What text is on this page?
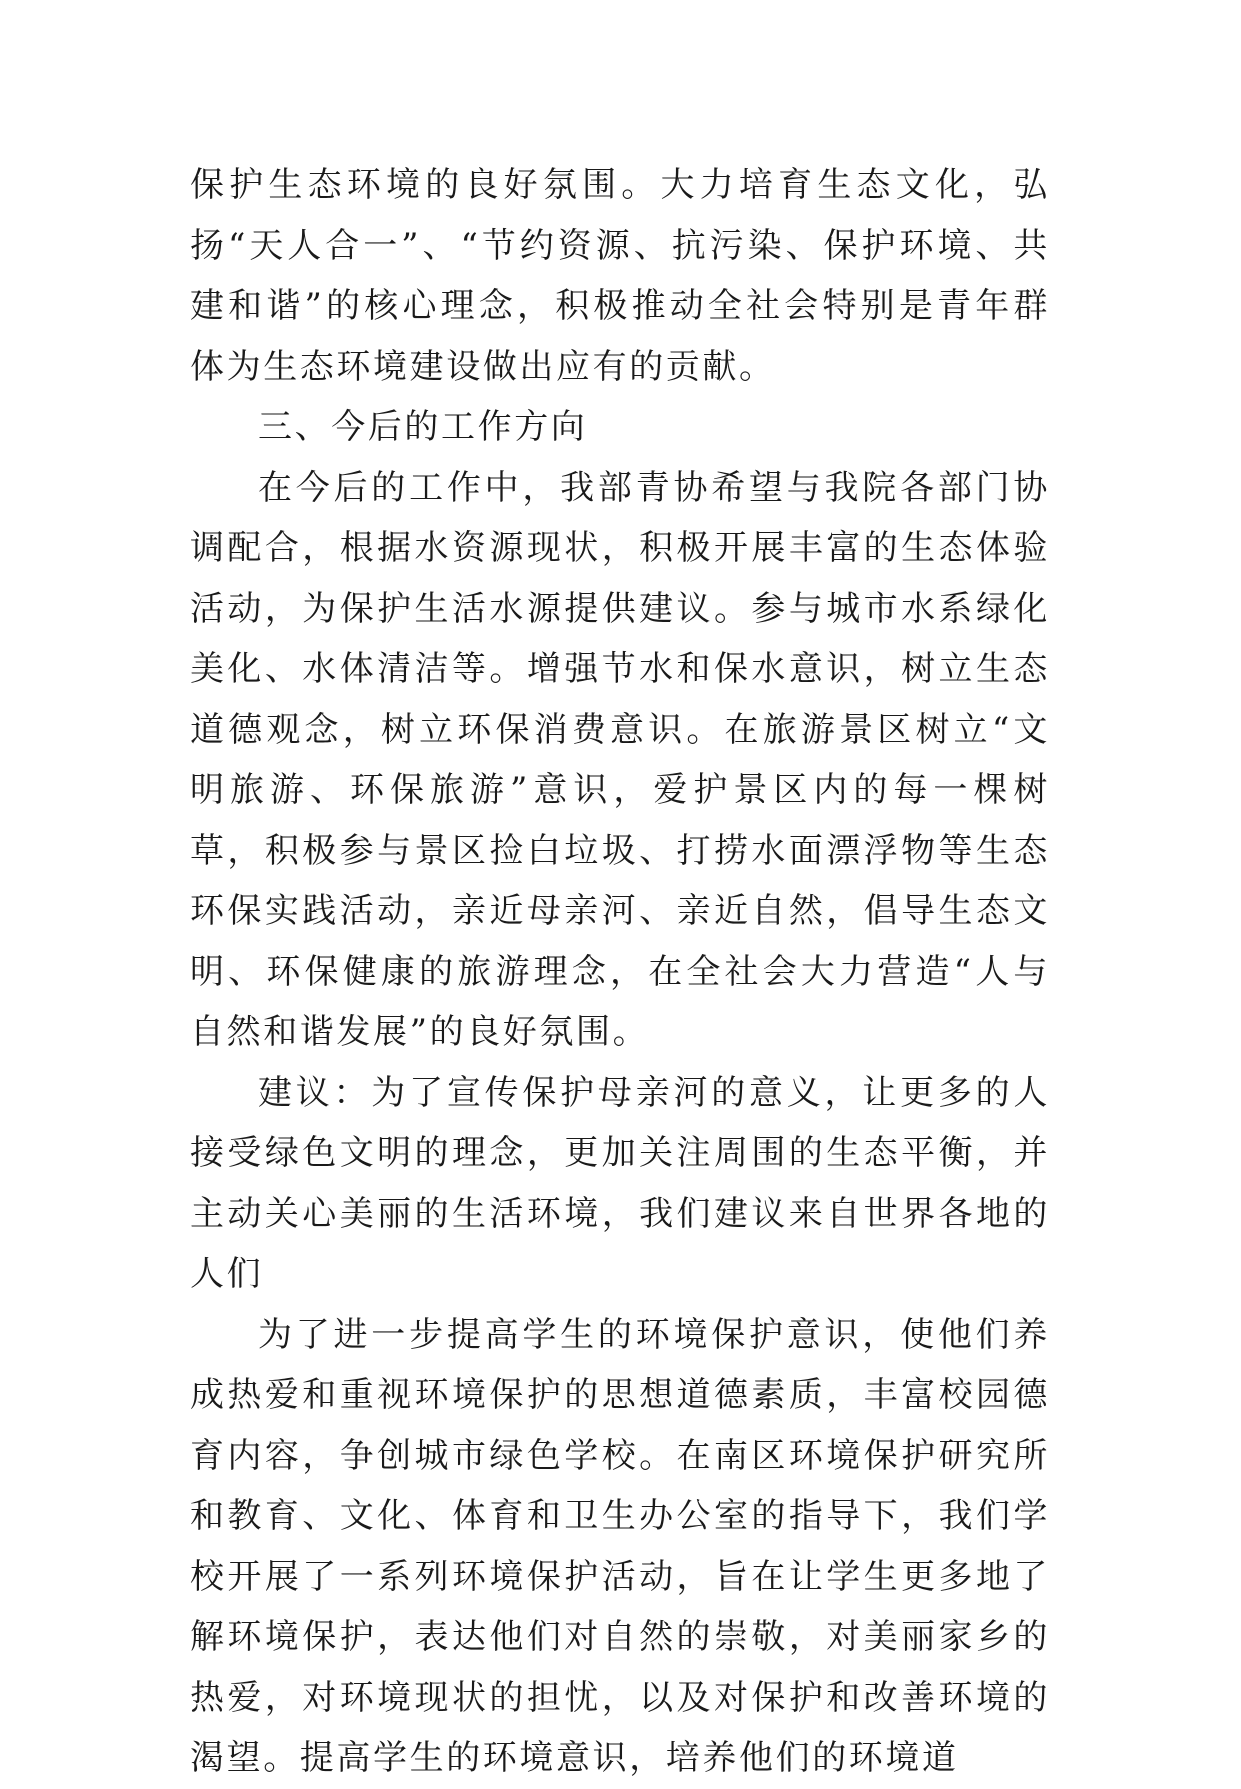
保护生态环境的良好氛围。大力培育生态文化，弘扬“天人合一”、“节约资源、抗污染、保护环境、共建和谐”的核心理念，积极推动全社会特别是青年群体为生态环境建设做出应有的贡献。

三、今后的工作方向

在今后的工作中，我部青协希望与我院各部门协调配合，根据水资源现状，积极开展丰富的生态体验活动，为保护生活水源提供建议。参与城市水系绿化美化、水体清洁等。增强节水和保水意识，树立生态道德观念，树立环保消费意识。在旅游景区树立“文明旅游、环保旅游”意识，爱护景区内的每一棵树草，积极参与景区捡白垃圾、打捞水面漂浮物等生态环保实践活动，亲近母亲河、亲近自然，倡导生态文明、环保健康的旅游理念，在全社会大力营造“人与自然和谐发展”的良好氛围。

建议：为了宣传保护母亲河的意义，让更多的人接受绿色文明的理念，更加关注周围的生态平衡，并主动关心美丽的生活环境，我们建议来自世界各地的人们

为了进一步提高学生的环境保护意识，使他们养成热爱和重视环境保护的思想道德素质，丰富校园德育内容，争创城市绿色学校。在南区环境保护研究所和教育、文化、体育和卫生办公室的指导下，我们学校开展了一系列环境保护活动，旨在让学生更多地了解环境保护，表达他们对自然的崇敬，对美丽家乡的热爱，对环境现状的担忧，以及对保护和改善环境的渴望。提高学生的环境意识，培养他们的环境道
